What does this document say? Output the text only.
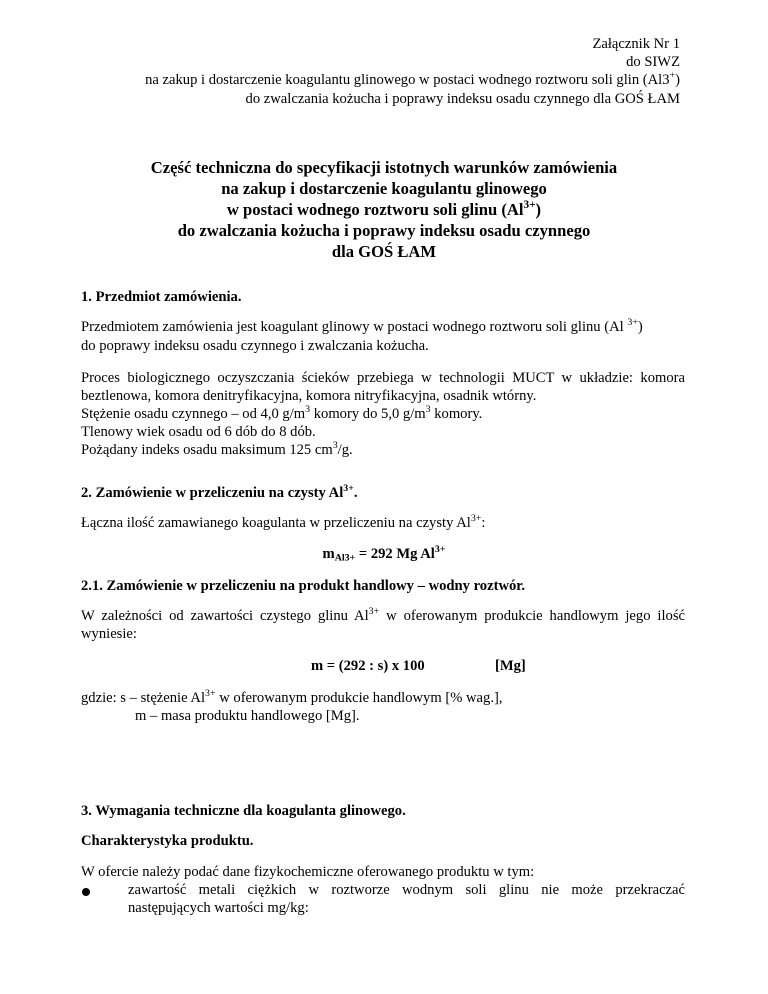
Załącznik Nr 1
do SIWZ
na zakup i dostarczenie koagulantu glinowego w postaci wodnego roztworu soli glin (Al3+)
do zwalczania kożucha i poprawy indeksu osadu czynnego dla GOŚ ŁAM
Część techniczna do specyfikacji istotnych warunków zamówienia
na zakup i dostarczenie koagulantu glinowego
w postaci wodnego roztworu soli glinu $(Al^{3+})$
do zwalczania kożucha i poprawy indeksu osadu czynnego
dla GOŚ ŁAM
1. Przedmiot zamówienia.
Przedmiotem zamówienia jest koagulant glinowy w postaci wodnego roztworu soli glinu (Al $^{3+}$)
do poprawy indeksu osadu czynnego i zwalczania kożucha.
Proces biologicznego oczyszczania ścieków przebiega w technologii MUCT w układzie: komora
beztlenowa, komora denitryfikacyjna, komora nitryfikacyjna, osadnik wtórny.
Stężenie osadu czynnego – od 4,0 $g/m^3$ komory do 5,0 $g/m^3$ komory.
Tlenowy wiek osadu od 6 dób do 8 dób.
Pożądany indeks osadu maksimum 125 $cm^3/g$.
2. Zamówienie w przeliczeniu na czysty $Al^{3+}$.
Łączna ilość zamawianego koagulanta w przeliczeniu na czysty $Al^{3+}$:
$m_{Al3+} = 292$ Mg $Al^{3+}$
2.1. Zamówienie w przeliczeniu na produkt handlowy – wodny roztwór.
W zależności od zawartości czystego glinu $Al^{3+}$ w oferowanym produkcie handlowym jego ilość
wyniesie:
m = (292 : s) x 100	[Mg]
gdzie: s – stężenie $Al^{3+}$ w oferowanym produkcie handlowym [% wag.],
m – masa produktu handlowego [Mg].
3. Wymagania techniczne dla koagulanta glinowego.
Charakterystyka produktu.
W ofercie należy podać dane fizykochemiczne oferowanego produktu w tym:
zawartość metali ciężkich w roztworze wodnym soli glinu nie może przekraczać
następujących wartości mg/kg:
